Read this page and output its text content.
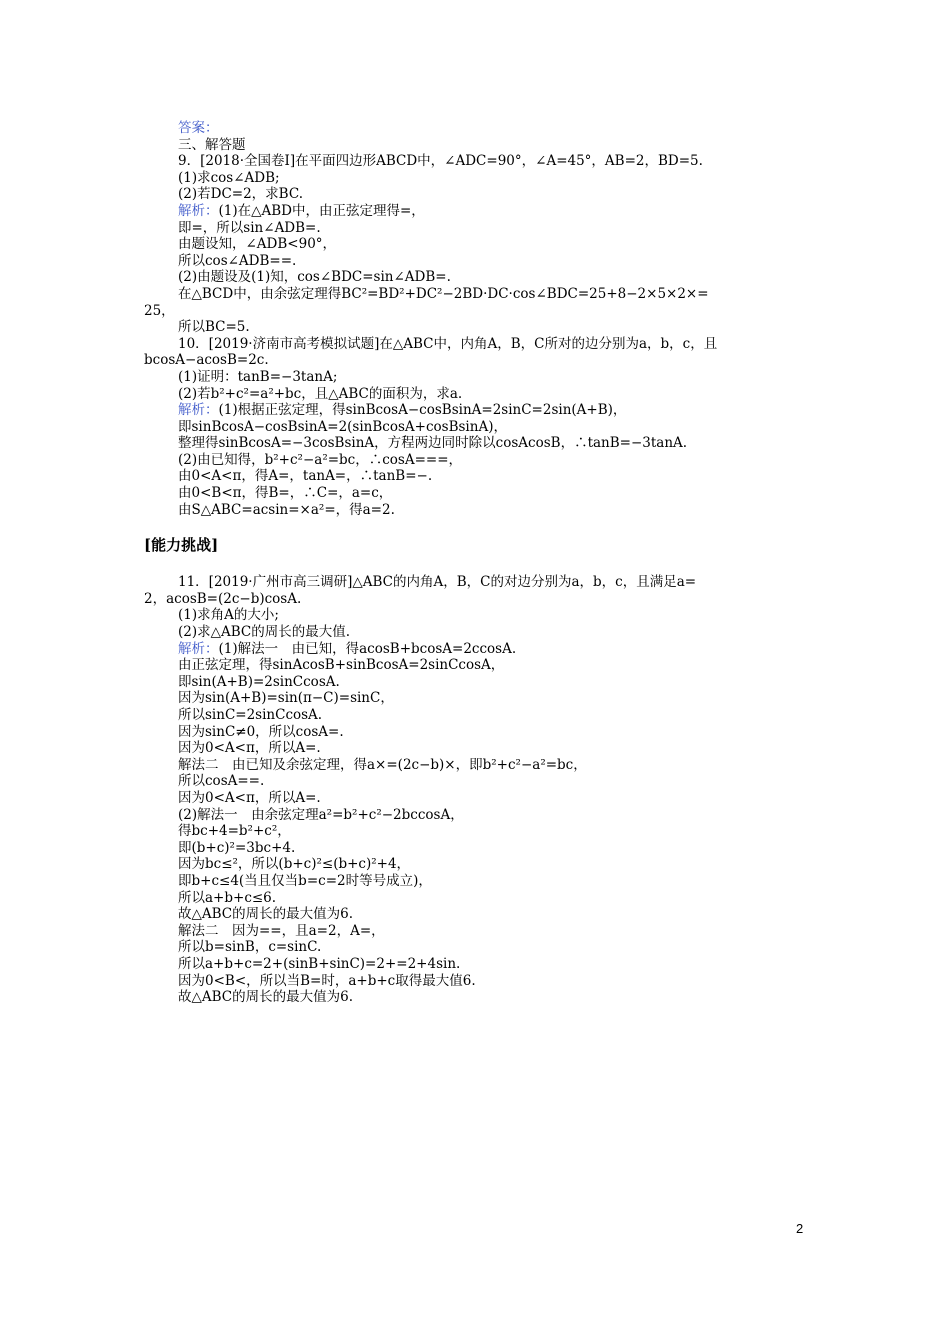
答案：
三、解答题
9．[2018·全国卷Ⅰ]在平面四边形ABCD中，∠ADC=90°，∠A=45°，AB=2，BD=5.
(1)求cos∠ADB;
(2)若DC=2，求BC.
解析：(1)在△ABD中，由正弦定理得=，
即=，所以sin∠ADB=.
由题设知，∠ADB<90°，
所以cos∠ADB==.
(2)由题设及(1)知，cos∠BDC=sin∠ADB=.
在△BCD中，由余弦定理得BC²=BD²+DC²−2BD·DC·cos∠BDC=25+8−2×5×2×=
25，
所以BC=5.
10．[2019·济南市高考模拟试题]在△ABC中，内角A，B，C所对的边分别为a，b，c，且
bcosA−acosB=2c.
(1)证明：tanB=−3tanA;
(2)若b²+c²=a²+bc，且△ABC的面积为，求a.
解析：(1)根据正弦定理，得sinBcosA−cosBsinA=2sinC=2sin(A+B)，
即sinBcosA−cosBsinA=2(sinBcosA+cosBsinA)，
整理得sinBcosA=−3cosBsinA，方程两边同时除以cosAcosB，∴tanB=−3tanA.
(2)由已知得，b²+c²−a²=bc，∴cosA===，
由0<A<π，得A=，tanA=，∴tanB=−.
由0<B<π，得B=，∴C=，a=c，
由S△ABC=acsin=×a²=，得a=2.
[能力挑战]
11．[2019·广州市高三调研]△ABC的内角A，B，C的对边分别为a，b，c，且满足a=
2，acosB=(2c−b)cosA.
(1)求角A的大小;
(2)求△ABC的周长的最大值.
解析：(1)解法一　由已知，得acosB+bcosA=2ccosA.
由正弦定理，得sinAcosB+sinBcosA=2sinCcosA，
即sin(A+B)=2sinCcosA.
因为sin(A+B)=sin(π−C)=sinC，
所以sinC=2sinCcosA.
因为sinC≠0，所以cosA=.
因为0<A<π，所以A=.
解法二　由已知及余弦定理，得a×=(2c−b)×，即b²+c²−a²=bc，
所以cosA==.
因为0<A<π，所以A=.
(2)解法一　由余弦定理a²=b²+c²−2bccosA，
得bc+4=b²+c²，
即(b+c)²=3bc+4.
因为bc≤²，所以(b+c)²≤(b+c)²+4，
即b+c≤4(当且仅当b=c=2时等号成立)，
所以a+b+c≤6.
故△ABC的周长的最大值为6.
解法二　因为==，且a=2，A=，
所以b=sinB，c=sinC.
所以a+b+c=2+(sinB+sinC)=2+=2+4sin.
因为0<B<，所以当B=时，a+b+c取得最大值6.
故△ABC的周长的最大值为6.
2
